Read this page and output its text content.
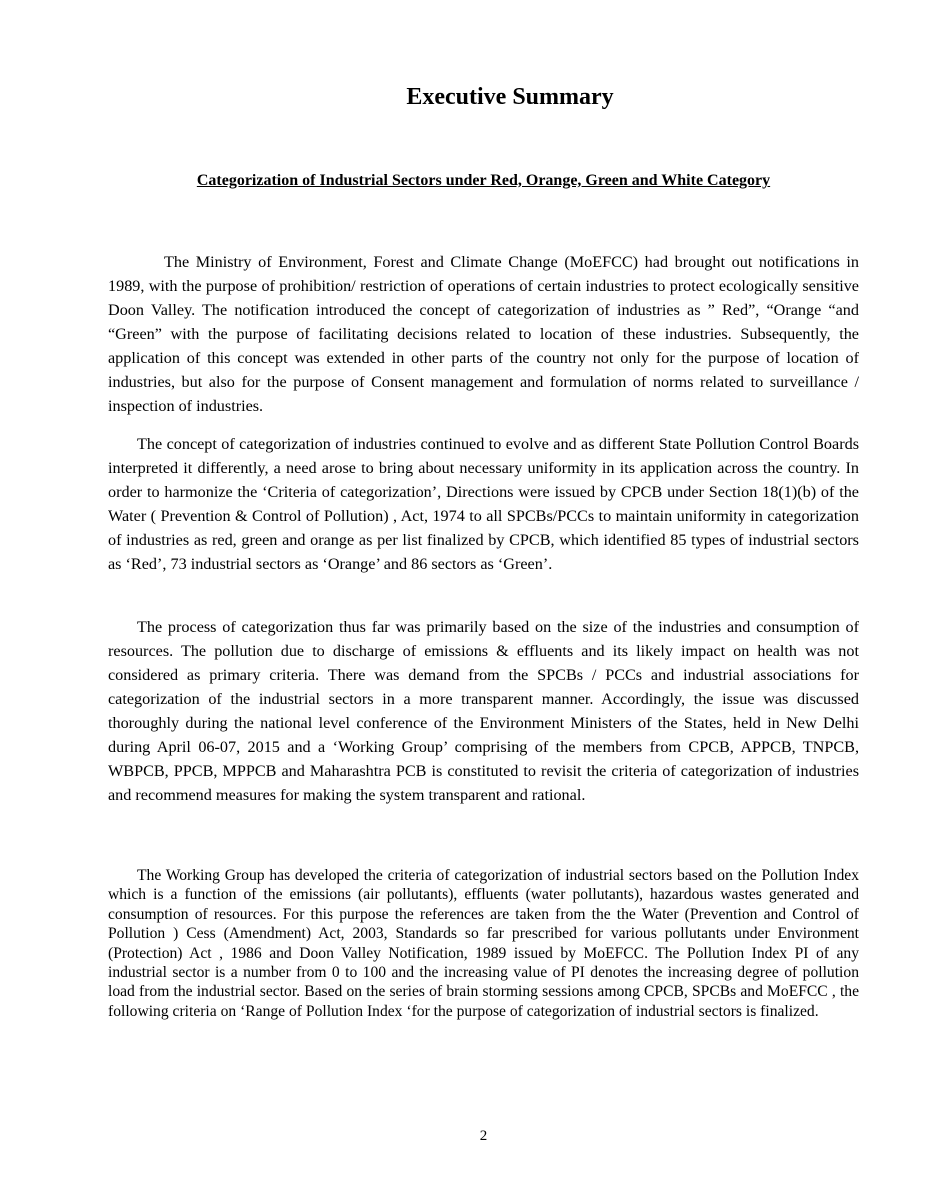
Executive Summary
Categorization of Industrial Sectors under Red, Orange, Green and White Category

The Ministry of Environment, Forest and Climate Change (MoEFCC) had brought out notifications in 1989, with the purpose of prohibition/ restriction of operations of certain industries to protect ecologically sensitive Doon Valley. The notification introduced the concept of categorization of industries as ” Red”, “Orange “and “Green” with the purpose of facilitating decisions related to location of these industries. Subsequently, the application of this concept was extended in other parts of the country not only for the purpose of location of industries, but also for the purpose of Consent management and formulation of norms related to surveillance / inspection of industries.

The concept of categorization of industries continued to evolve and as different State Pollution Control Boards interpreted it differently, a need arose to bring about necessary uniformity in its application across the country. In order to harmonize the ‘Criteria of categorization’, Directions were issued by CPCB under Section 18(1)(b) of the Water ( Prevention & Control of Pollution) , Act, 1974 to all SPCBs/PCCs to maintain uniformity in categorization of industries as red, green and orange as per list finalized by CPCB, which identified 85 types of industrial sectors as ‘Red’, 73 industrial sectors as ‘Orange’ and 86 sectors as ‘Green’.

The process of categorization thus far was primarily based on the size of the industries and consumption of resources. The pollution due to discharge of emissions & effluents and its likely impact on health was not considered as primary criteria. There was demand from the SPCBs / PCCs and industrial associations for categorization of the industrial sectors in a more transparent manner. Accordingly, the issue was discussed thoroughly during the national level conference of the Environment Ministers of the States, held in New Delhi during April 06-07, 2015 and a ‘Working Group’ comprising of the members from CPCB, APPCB, TNPCB, WBPCB, PPCB, MPPCB and Maharashtra PCB is constituted to revisit the criteria of categorization of industries and recommend measures for making the system transparent and rational.

The Working Group has developed the criteria of categorization of industrial sectors based on the Pollution Index which is a function of the emissions (air pollutants), effluents (water pollutants), hazardous wastes generated and consumption of resources. For this purpose the references are taken from the the Water (Prevention and Control of Pollution ) Cess (Amendment) Act, 2003, Standards so far prescribed for various pollutants under Environment (Protection) Act , 1986 and Doon Valley Notification, 1989 issued by MoEFCC. The Pollution Index PI of any industrial sector is a number from 0 to 100 and the increasing value of PI denotes the increasing degree of pollution load from the industrial sector. Based on the series of brain storming sessions among CPCB, SPCBs and MoEFCC , the following criteria on ‘Range of Pollution Index ‘for the purpose of categorization of industrial sectors is finalized.

2
